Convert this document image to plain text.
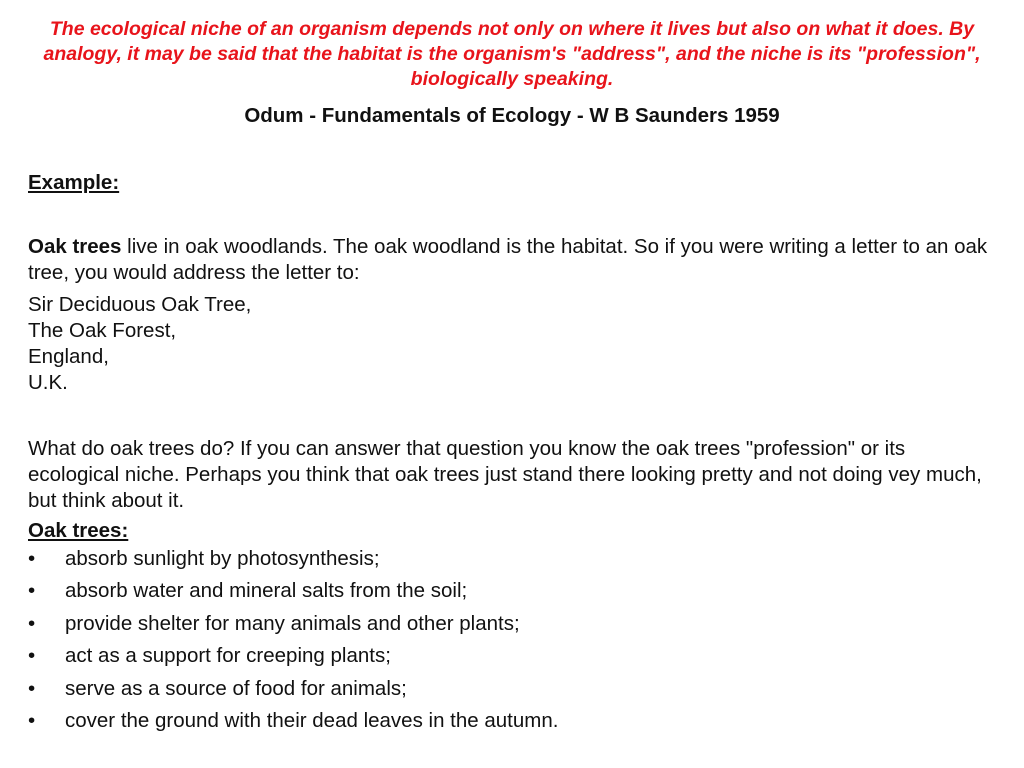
The ecological niche of an organism depends not only on where it lives but also on what it does. By analogy, it may be said that the habitat is the organism's "address", and the niche is its "profession", biologically speaking.
Odum - Fundamentals of Ecology - W B Saunders 1959
Example:
Oak trees live in oak woodlands. The oak woodland is the habitat. So if you were writing a letter to an oak tree, you would address the letter to:
Sir Deciduous Oak Tree,
The Oak Forest,
England,
U.K.
What do oak trees do? If you can answer that question you know the oak trees "profession" or its ecological niche. Perhaps you think that oak trees just stand there looking pretty and not doing vey much, but think about it.
Oak trees:
•	absorb sunlight by photosynthesis;
•	absorb water and mineral salts from the soil;
•	provide shelter for many animals and other plants;
•	act as a support for creeping plants;
•	serve as a source of food for animals;
•	cover the ground with their dead leaves in the autumn.
